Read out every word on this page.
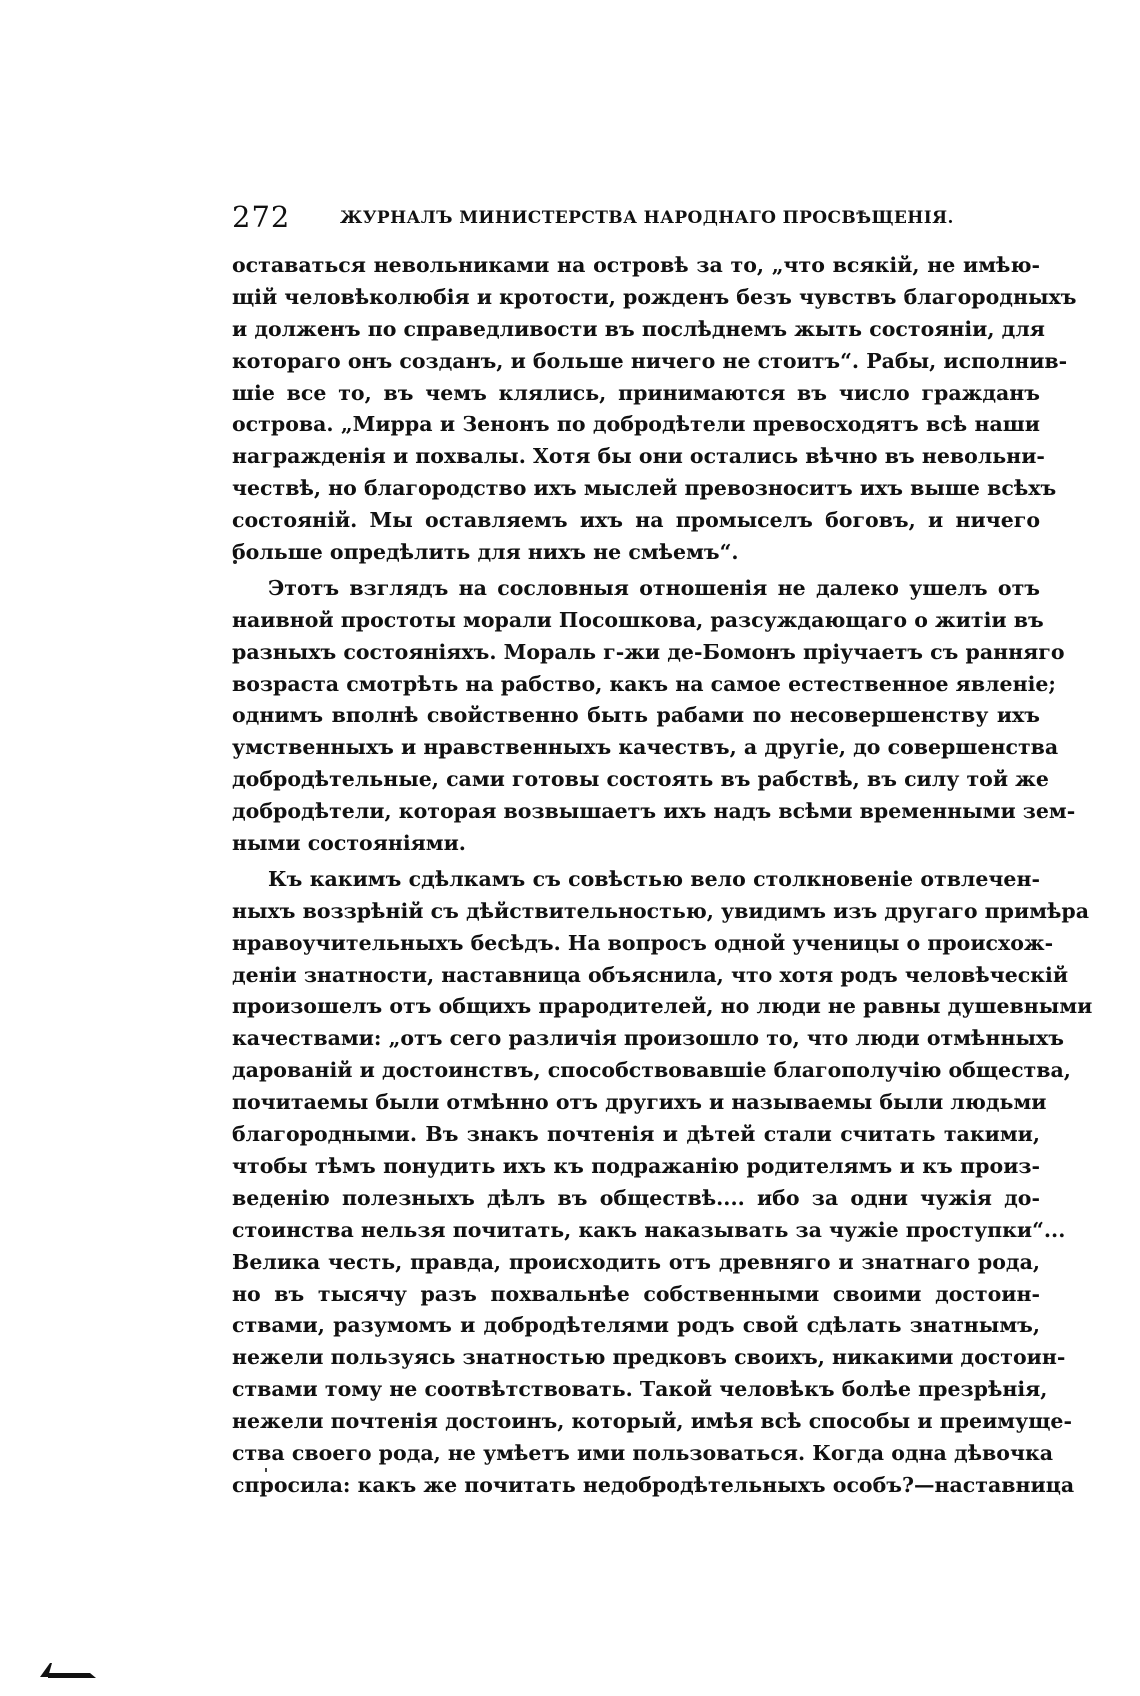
272	ЖУРНАЛЪ МИНИСТЕРСТВА НАРОДНАГО ПРОСВѢЩЕНІЯ.
оставаться невольниками на островѣ за то, „что всякій, не имѣю-
щій человѣколюбія и кротости, рожденъ безъ чувствъ благородныхъ
и долженъ по справедливости въ послѣднемъ жыть состояніи, для
котораго онъ созданъ, и больше ничего не стоитъ“. Рабы, исполнив-
шіе все то, въ чемъ клялись, принимаются въ число гражданъ
острова. „Мирра и Зенонъ по добродѣтели превосходятъ всѣ наши
награжденія и похвалы. Хотя бы они остались вѣчно въ невольни-
чествѣ, но благородство ихъ мыслей превозноситъ ихъ выше всѣхъ
состояній. Мы оставляемъ ихъ на промыселъ боговъ, и ничего
больше опредѣлить для нихъ не смѣемъ“.
Этотъ взглядъ на сословныя отношенія не далеко ушелъ отъ
наивной простоты морали Посошкова, разсуждающаго о житіи въ
разныхъ состояніяхъ. Мораль г-жи де-Бомонъ пріучаетъ съ ранняго
возраста смотрѣть на рабство, какъ на самое естественное явленіе;
однимъ вполнѣ свойственно быть рабами по несовершенству ихъ
умственныхъ и нравственныхъ качествъ, а другіе, до совершенства
добродѣтельные, сами готовы состоять въ рабствѣ, въ силу той же
добродѣтели, которая возвышаетъ ихъ надъ всѣми временными зем-
ными состояніями.
Къ какимъ сдѣлкамъ съ совѣстью вело столкновеніе отвлечен-
ныхъ воззрѣній съ дѣйствительностью, увидимъ изъ другаго примѣра
нравоучительныхъ бесѣдъ. На вопросъ одной ученицы о происхож-
деніи знатности, наставница объяснила, что хотя родъ человѣческій
произошелъ отъ общихъ прародителей, но люди не равны душевными
качествами: „отъ сего различія произошло то, что люди отмѣнныхъ
дарованій и достоинствъ, способствовавшіе благополучію общества,
почитаемы были отмѣнно отъ другихъ и называемы были людьми
благородными. Въ знакъ почтенія и дѣтей стали считать такими,
чтобы тѣмъ понудить ихъ къ подражанію родителямъ и къ произ-
веденію полезныхъ дѣлъ въ обществѣ.... ибо за одни чужія до-
стоинства нельзя почитать, какъ наказывать за чужіе проступки“...
Велика честь, правда, происходить отъ древняго и знатнаго рода,
но въ тысячу разъ похвальнѣе собственными своими достоин-
ствами, разумомъ и добродѣтелями родъ свой сдѣлать знатнымъ,
нежели пользуясь знатностью предковъ своихъ, никакими достоин-
ствами тому не соотвѣтствовать. Такой человѣкъ болѣе презрѣнія,
нежели почтенія достоинъ, который, имѣя всѣ способы и преимуще-
ства своего рода, не умѣетъ ими пользоваться. Когда одна дѣвочка
спросила: какъ же почитать недобродѣтельныхъ особъ?—наставница
